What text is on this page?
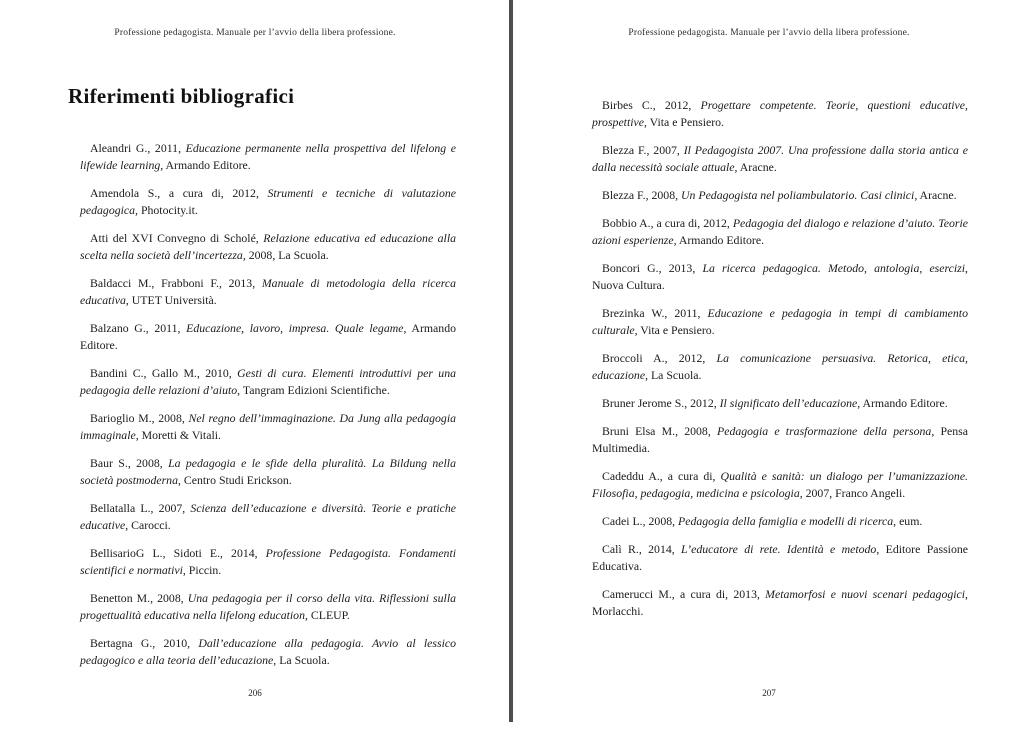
Professione pedagogista. Manuale per l’avvio della libera professione.
Riferimenti bibliografici

Aleandri G., 2011, Educazione permanente nella prospettiva del lifelong e lifewide learning, Armando Editore.

Amendola S., a cura di, 2012, Strumenti e tecniche di valutazione pedagogica, Photocity.it.

Atti del XVI Convegno di Scholé, Relazione educativa ed educazione alla scelta nella società dell’incertezza, 2008, La Scuola.

Baldacci M., Frabboni F., 2013, Manuale di metodologia della ricerca educativa, UTET Università.

Balzano G., 2011, Educazione, lavoro, impresa. Quale legame, Armando Editore.

Bandini C., Gallo M., 2010, Gesti di cura. Elementi introduttivi per una pedagogia delle relazioni d’aiuto, Tangram Edizioni Scientifiche.

Barioglio M., 2008, Nel regno dell’immaginazione. Da Jung alla pedagogia immaginale, Moretti & Vitali.

Baur S., 2008, La pedagogia e le sfide della pluralità. La Bildung nella società postmoderna, Centro Studi Erickson.

Bellatalla L., 2007, Scienza dell’educazione e diversità. Teorie e pratiche educative, Carocci.

BellisarioG L., Sidoti E., 2014, Professione Pedagogista. Fondamenti scientifici e normativi, Piccin.

Benetton M., 2008, Una pedagogia per il corso della vita. Riflessioni sulla progettualità educativa nella lifelong education, CLEUP.

Bertagna G., 2010, Dall’educazione alla pedagogia. Avvio al lessico pedagogico e alla teoria dell’educazione, La Scuola.

206
Professione pedagogista. Manuale per l’avvio della libera professione.

Birbes C., 2012, Progettare competente. Teorie, questioni educative, prospettive, Vita e Pensiero.

Blezza F., 2007, Il Pedagogista 2007. Una professione dalla storia antica e dalla necessità sociale attuale, Aracne.

Blezza F., 2008, Un Pedagogista nel poliambulatorio. Casi clinici, Aracne.

Bobbio A., a cura di, 2012, Pedagogia del dialogo e relazione d’aiuto. Teorie azioni esperienze, Armando Editore.

Boncori G., 2013, La ricerca pedagogica. Metodo, antologia, esercizi, Nuova Cultura.

Brezinka W., 2011, Educazione e pedagogia in tempi di cambiamento culturale, Vita e Pensiero.

Broccoli A., 2012, La comunicazione persuasiva. Retorica, etica, educazione, La Scuola.

Bruner Jerome S., 2012, Il significato dell’educazione, Armando Editore.

Bruni Elsa M., 2008, Pedagogia e trasformazione della persona, Pensa Multimedia.

Cadeddu A., a cura di, Qualità e sanità: un dialogo per l’umanizzazione. Filosofia, pedagogia, medicina e psicologia, 2007, Franco Angeli.

Cadei L., 2008, Pedagogia della famiglia e modelli di ricerca, eum.

Calì R., 2014, L’educatore di rete. Identità e metodo, Editore Passione Educativa.

Camerucci M., a cura di, 2013, Metamorfosi e nuovi scenari pedagogici, Morlacchi.

207
